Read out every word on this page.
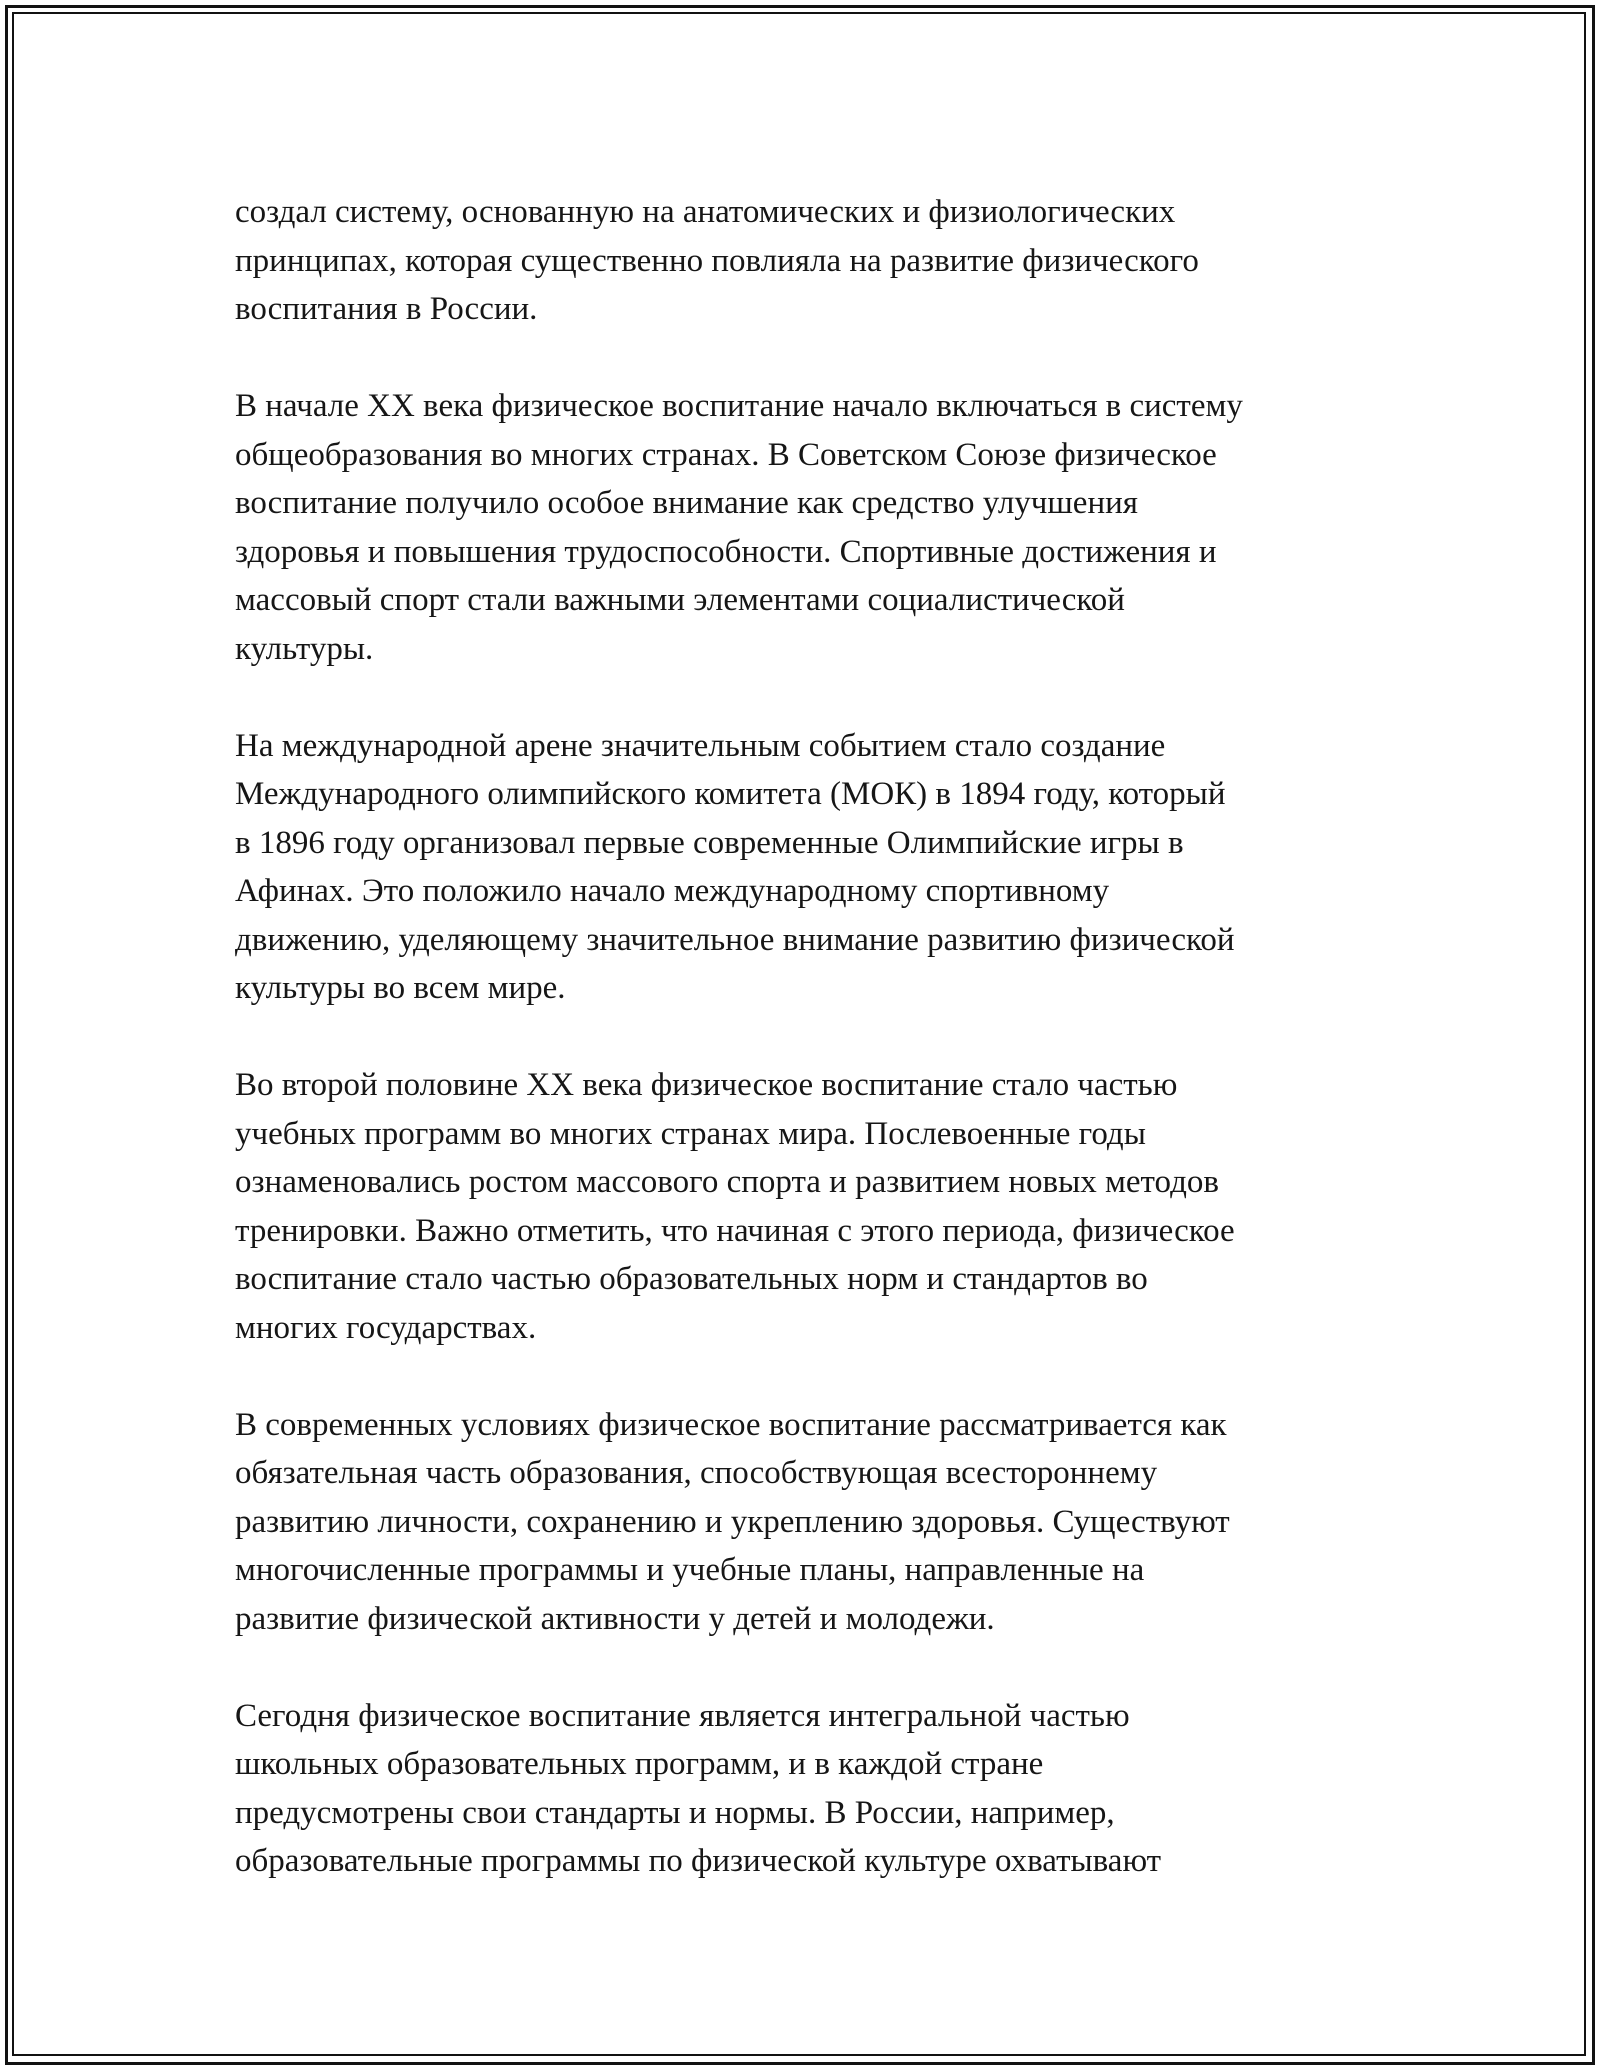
создал систему, основанную на анатомических и физиологических
принципах, которая существенно повлияла на развитие физического
воспитания в России.

В начале XX века физическое воспитание начало включаться в систему
общеобразования во многих странах. В Советском Союзе физическое
воспитание получило особое внимание как средство улучшения
здоровья и повышения трудоспособности. Спортивные достижения и
массовый спорт стали важными элементами социалистической
культуры.

На международной арене значительным событием стало создание
Международного олимпийского комитета (МОК) в 1894 году, который
в 1896 году организовал первые современные Олимпийские игры в
Афинах. Это положило начало международному спортивному
движению, уделяющему значительное внимание развитию физической
культуры во всем мире.

Во второй половине XX века физическое воспитание стало частью
учебных программ во многих странах мира. Послевоенные годы
ознаменовались ростом массового спорта и развитием новых методов
тренировки. Важно отметить, что начиная с этого периода, физическое
воспитание стало частью образовательных норм и стандартов во
многих государствах.

В современных условиях физическое воспитание рассматривается как
обязательная часть образования, способствующая всестороннему
развитию личности, сохранению и укреплению здоровья. Существуют
многочисленные программы и учебные планы, направленные на
развитие физической активности у детей и молодежи.

Сегодня физическое воспитание является интегральной частью
школьных образовательных программ, и в каждой стране
предусмотрены свои стандарты и нормы. В России, например,
образовательные программы по физической культуре охватывают
